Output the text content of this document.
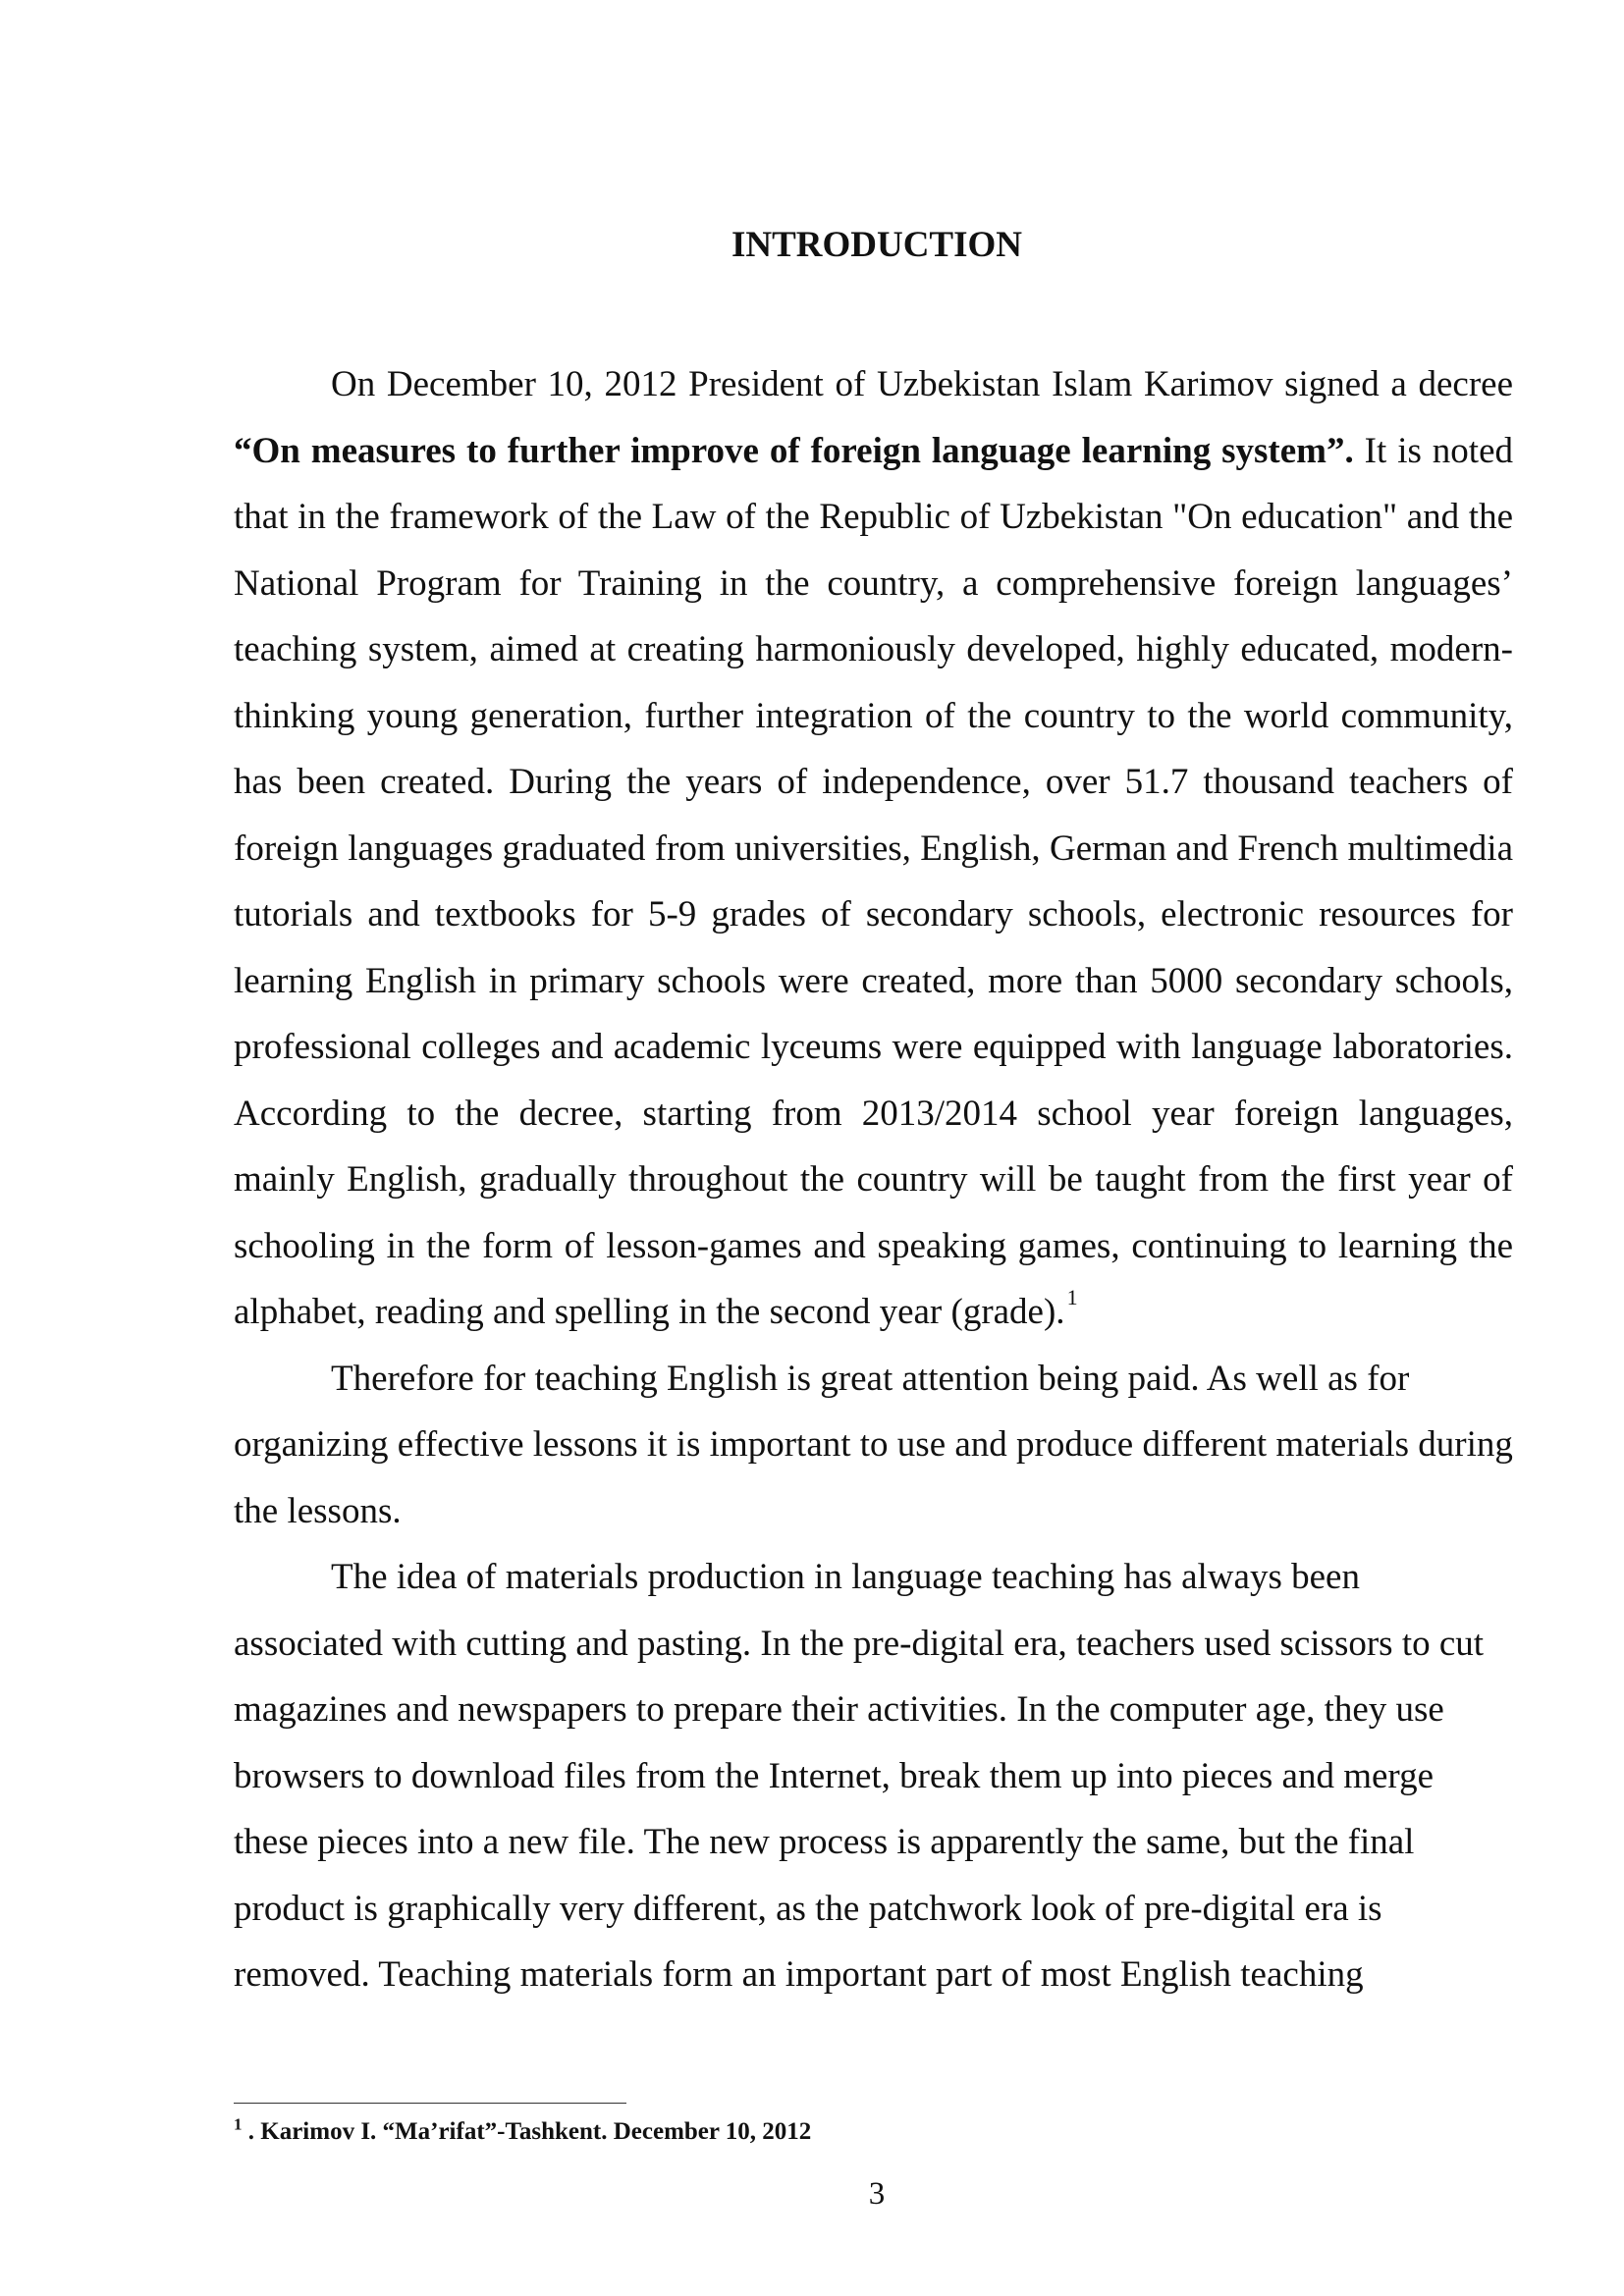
INTRODUCTION

On December 10, 2012 President of Uzbekistan Islam Karimov signed a decree “On measures to further improve of foreign language learning system”. It is noted that in the framework of the Law of the Republic of Uzbekistan "On education" and the National Program for Training in the country, a comprehensive foreign languages’ teaching system, aimed at creating harmoniously developed, highly educated, modern-thinking young generation, further integration of the country to the world community, has been created. During the years of independence, over 51.7 thousand teachers of foreign languages graduated from universities, English, German and French multimedia tutorials and textbooks for 5-9 grades of secondary schools, electronic resources for learning English in primary schools were created, more than 5000 secondary schools, professional colleges and academic lyceums were equipped with language laboratories. According to the decree, starting from 2013/2014 school year foreign languages, mainly English, gradually throughout the country will be taught from the first year of schooling in the form of lesson-games and speaking games, continuing to learning the alphabet, reading and spelling in the second year (grade).$^1$

Therefore for teaching English is great attention being paid. As well as for organizing effective lessons it is important to use and produce different materials during the lessons.

The idea of materials production in language teaching has always been associated with cutting and pasting. In the pre-digital era, teachers used scissors to cut magazines and newspapers to prepare their activities. In the computer age, they use browsers to download files from the Internet, break them up into pieces and merge these pieces into a new file. The new process is apparently the same, but the final product is graphically very different, as the patchwork look of pre-digital era is removed. Teaching materials form an important part of most English teaching

$^1$ . Karimov I. “Ma’rifat”-Tashkent. December 10, 2012
3
